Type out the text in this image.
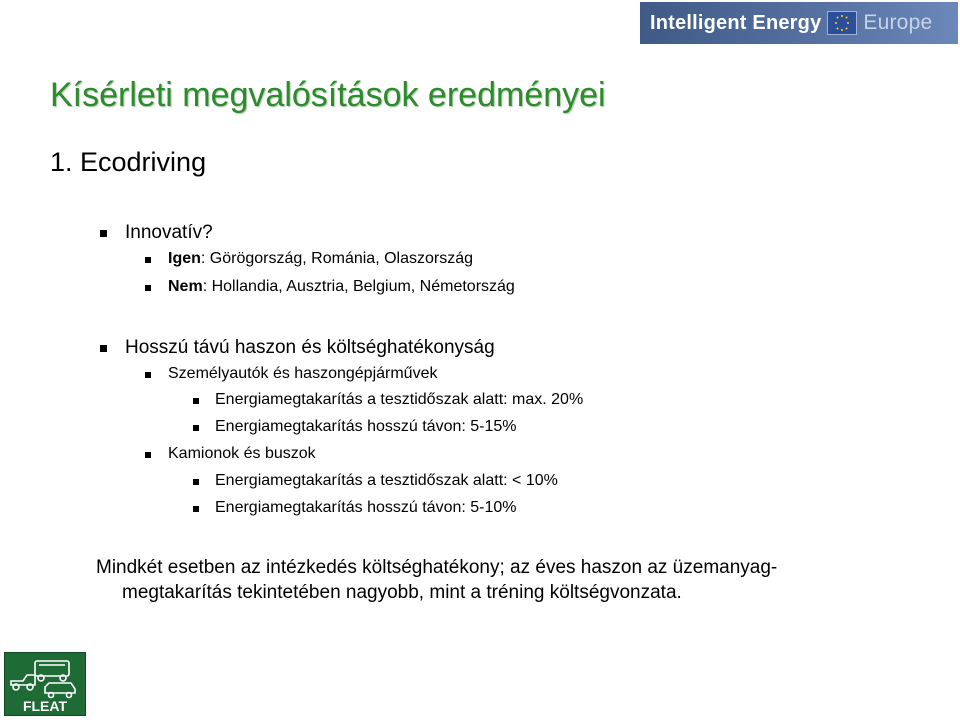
Intelligent Energy Europe
Kísérleti megvalósítások eredményei
1. Ecodriving
Innovatív?
Igen: Görögország, Románia, Olaszország
Nem: Hollandia, Ausztria, Belgium, Németország
Hosszú távú haszon és költséghatékonyság
Személyautók és haszongépjárművek
Energiamegtakarítás a tesztidőszak alatt: max. 20%
Energiamegtakarítás hosszú távon: 5-15%
Kamionok és buszok
Energiamegtakarítás a tesztidőszak alatt: < 10%
Energiamegtakarítás hosszú távon: 5-10%
Mindkét esetben az intézkedés költséghatékony; az éves haszon az üzemanyag-
megtakarítás tekintetében nagyobb, mint a tréning költségvonzata.
FLEAT
